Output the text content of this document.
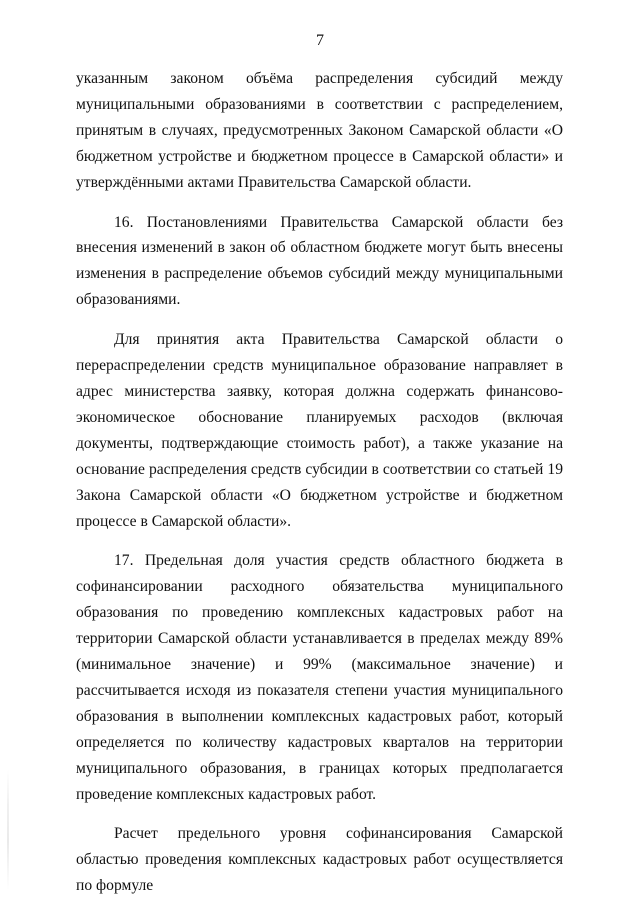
7

указанным законом объёма распределения субсидий между муниципальными образованиями в соответствии с распределением, принятым в случаях, предусмотренных Законом Самарской области «О бюджетном устройстве и бюджетном процессе в Самарской области» и утверждёнными актами Правительства Самарской области.

16. Постановлениями Правительства Самарской области без внесения изменений в закон об областном бюджете могут быть внесены изменения в распределение объемов субсидий между муниципальными образованиями.

Для принятия акта Правительства Самарской области о перераспределении средств муниципальное образование направляет в адрес министерства заявку, которая должна содержать финансово-экономическое обоснование планируемых расходов (включая документы, подтверждающие стоимость работ), а также указание на основание распределения средств субсидии в соответствии со статьей 19 Закона Самарской области «О бюджетном устройстве и бюджетном процессе в Самарской области».

17. Предельная доля участия средств областного бюджета в софинансировании расходного обязательства муниципального образования по проведению комплексных кадастровых работ на территории Самарской области устанавливается в пределах между 89% (минимальное значение) и 99% (максимальное значение) и рассчитывается исходя из показателя степени участия муниципального образования в выполнении комплексных кадастровых работ, который определяется по количеству кадастровых кварталов на территории муниципального образования, в границах которых предполагается проведение комплексных кадастровых работ.

Расчет предельного уровня софинансирования Самарской областью проведения комплексных кадастровых работ осуществляется по формуле
